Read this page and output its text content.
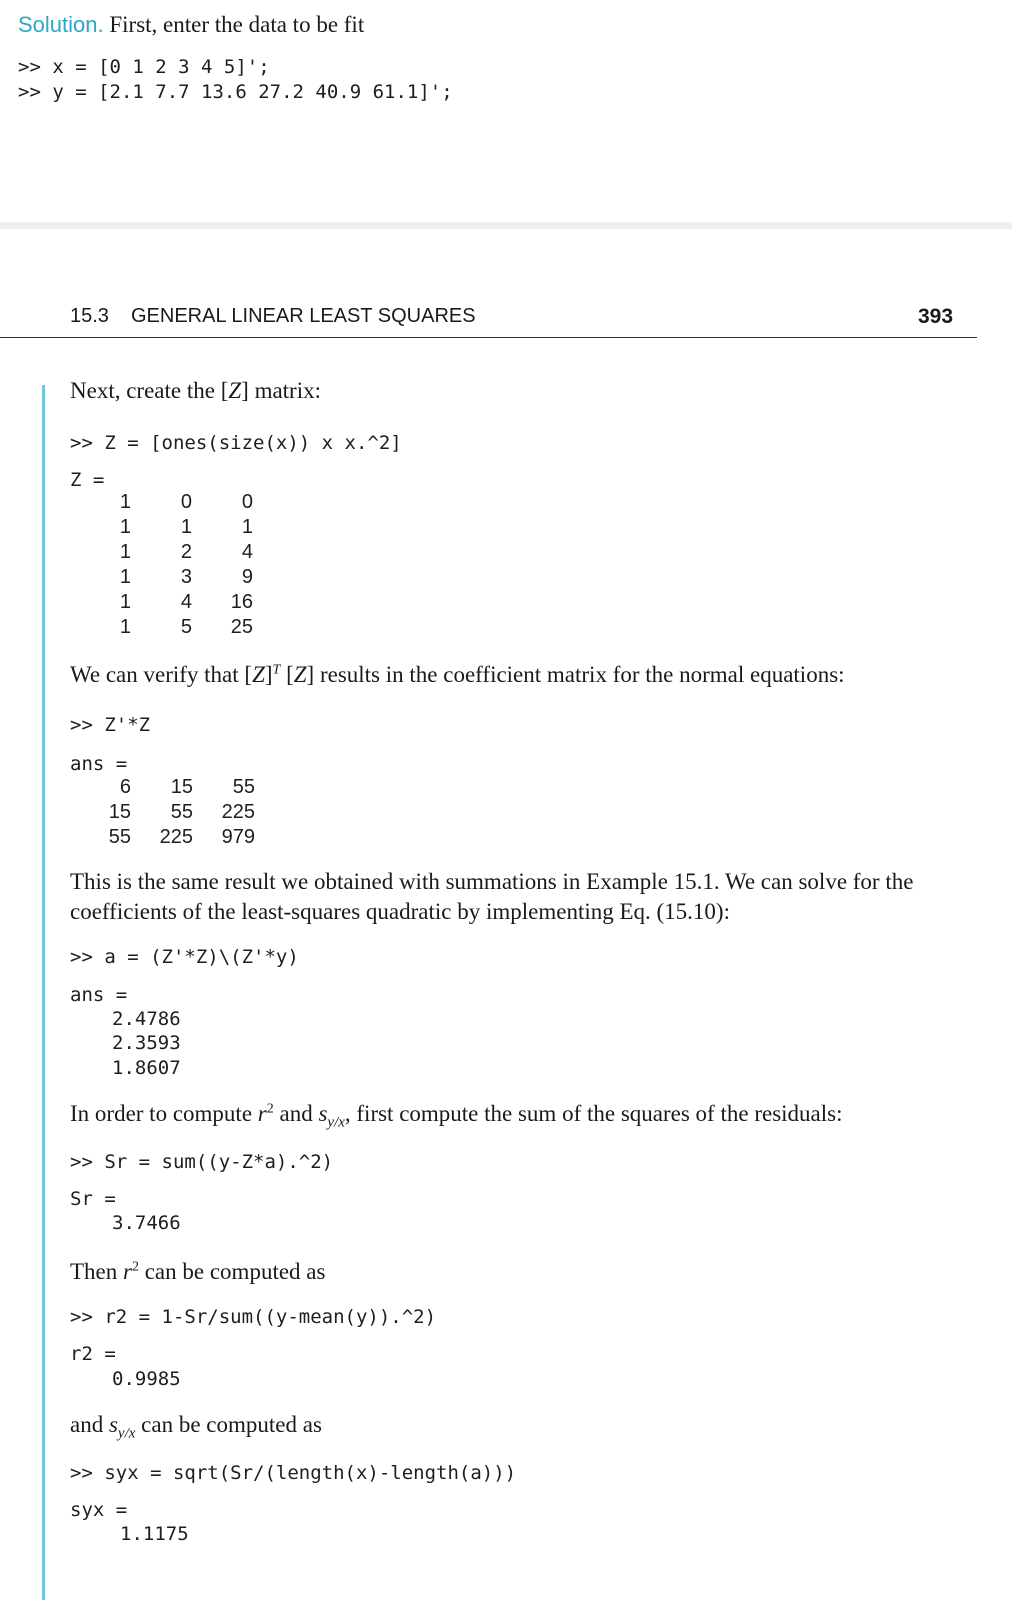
Solution. First, enter the data to be fit
>> x = [0 1 2 3 4 5]';
>> y = [2.1 7.7 13.6 27.2 40.9 61.1]';
15.3 GENERAL LINEAR LEAST SQUARES	393
Next, create the [Z] matrix:
>> Z = [ones(size(x)) x x.^2]
Z =
1	0	0
1	1	1
1	2	4
1	3	9
1	4	16
1	5	25
We can verify that $[Z]^T$ [Z] results in the coefficient matrix for the normal equations:
>> Z'*Z
ans =
6	15	55
15	55	225
55	225	979
This is the same result we obtained with summations in Example 15.1. We can solve for the
coefficients of the least-squares quadratic by implementing Eq. (15.10):
>> a = (Z'*Z)\(Z'*y)
ans =
2.4786
2.3593
1.8607
In order to compute $r^2$ and $s_{y/x}$, first compute the sum of the squares of the residuals:
>> Sr = sum((y-Z*a).^2)
Sr =
3.7466
Then $r^2$ can be computed as
>> r2 = 1-Sr/sum((y-mean(y)).^2)
r2 =
0.9985
and $s_{y/x}$ can be computed as
>> syx = sqrt(Sr/(length(x)-length(a)))
syx =
1.1175
